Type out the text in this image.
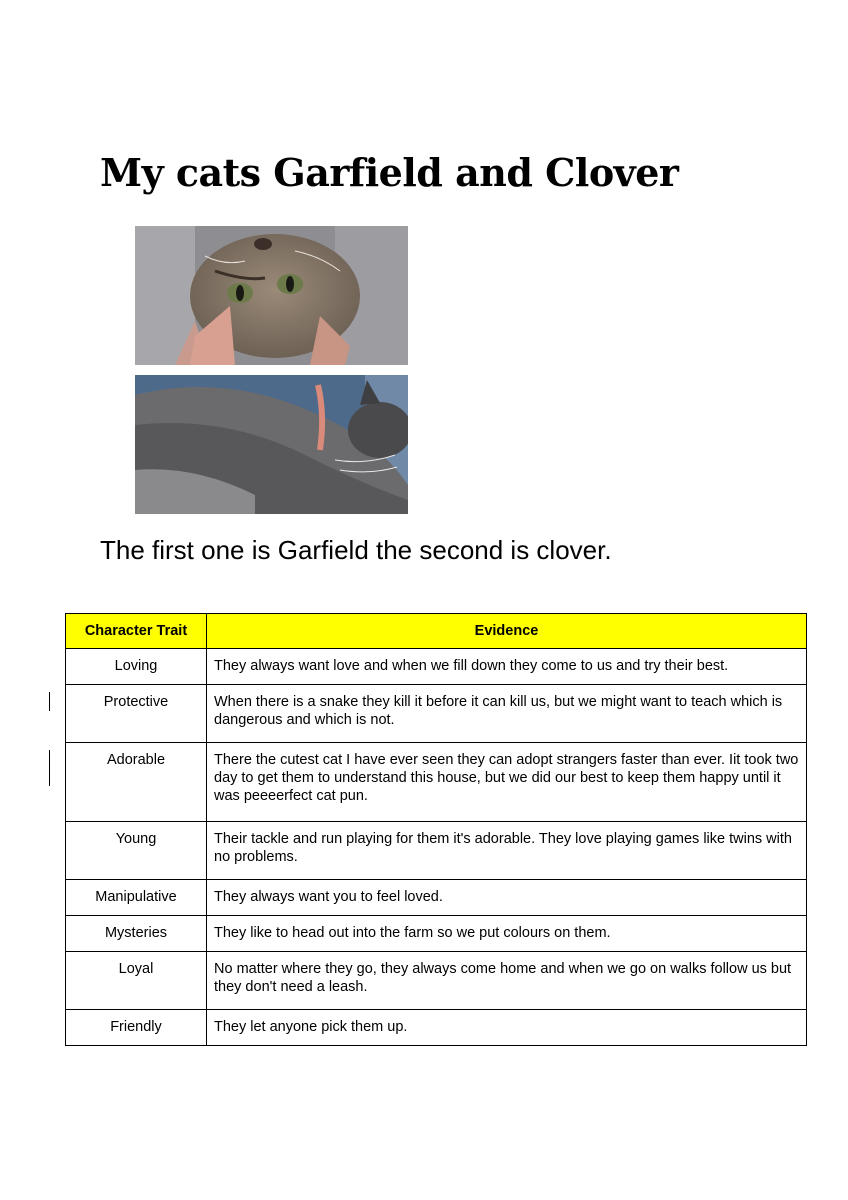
My cats Garfield and Clover

The first one is Garfield the second is clover.

Character Trait	Evidence
Loving	They always want love and when we fill down they come to us and try their best.
Protective	When there is a snake they kill it before it can kill us, but we might want to teach which is dangerous and which is not.
Adorable	There the cutest cat I have ever seen they can adopt strangers faster than ever. Iit took two day to get them to understand this house, but we did our best to keep them happy until it was peeeerfect cat pun.
Young	Their tackle and run playing for them it's adorable. They love playing games like twins with no problems.
Manipulative	They always want you to feel loved.
Mysteries	They like to head out into the farm so we put colours on them.
Loyal	No matter where they go, they always come home and when we go on walks follow us but they don't need a leash.
Friendly	They let anyone pick them up.
